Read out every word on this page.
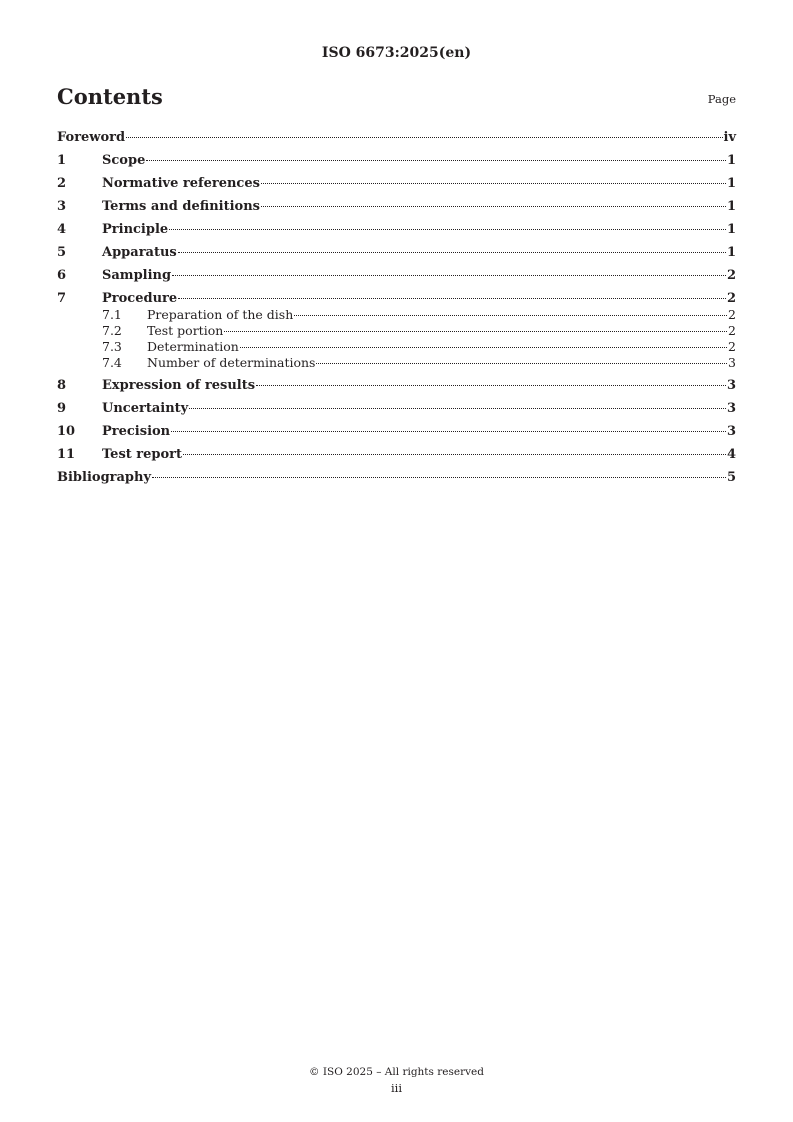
ISO 6673:2025(en)
Contents	Page
Foreword	iv
1	Scope	1
2	Normative references	1
3	Terms and definitions	1
4	Principle	1
5	Apparatus	1
6	Sampling	2
7	Procedure	2
7.1	Preparation of the dish	2
7.2	Test portion	2
7.3	Determination	2
7.4	Number of determinations	3
8	Expression of results	3
9	Uncertainty	3
10	Precision	3
11	Test report	4
Bibliography	5
© ISO 2025 – All rights reserved
iii
